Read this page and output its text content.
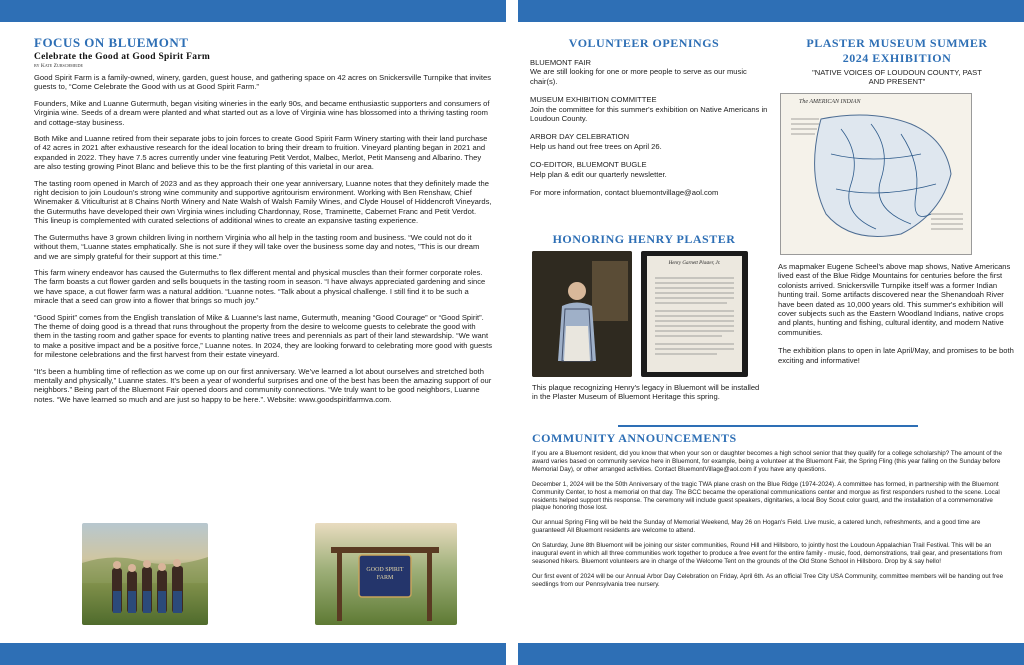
FOCUS ON BLUEMONT
Celebrate the Good at Good Spirit Farm
by Kate Zurschmeide

Good Spirit Farm is a family-owned, winery, garden, guest house, and gathering space on 42 acres on Snickersville Turnpike that invites guests to, “Come Celebrate the Good with us at Good Spirit Farm.”

Founders, Mike and Luanne Gutermuth, began visiting wineries in the early 90s, and became enthusiastic supporters and consumers of Virginia wine. Seeds of a dream were planted and what started out as a love of Virginia wine has blossomed into a thriving tasting room and cottage-stay business.

Both Mike and Luanne retired from their separate jobs to join forces to create Good Spirit Farm Winery starting with their land purchase of 42 acres in 2021 after exhaustive research for the ideal location to bring their dream to fruition. Vineyard planting began in 2021 and expanded in 2022. They have 7.5 acres currently under vine featuring Petit Verdot, Malbec, Merlot, Petit Manseng and Albarino. They are also testing growing Pinot Blanc and believe this to be the first planting of this varietal in our area.

The tasting room opened in March of 2023 and as they approach their one year anniversary, Luanne notes that they definitely made the right decision to join Loudoun’s strong wine community and supportive agritourism environment. Working with Ben Renshaw, Chief Winemaker & Viticulturist at 8 Chains North Winery and Nate Walsh of Walsh Family Wines, and Clyde Housel of Hiddencroft Vineyards, the Gutermuths have developed their own Virginia wines including Chardonnay, Rose, Traminette, Cabernet Franc and Petit Verdot. This lineup is complemented with curated selections of additional wines to create an expansive tasting experience.

The Gutermuths have 3 grown children living in northern Virginia who all help in the tasting room and business. “We could not do it without them, “Luanne states emphatically. She is not sure if they will take over the business some day and notes, "This is our dream and we are simply grateful for their support at this time."

This farm winery endeavor has caused the Gutermuths to flex different mental and physical muscles than their former corporate roles. The farm boasts a cut flower garden and sells bouquets in the tasting room in season. “I have always appreciated gardening and since we have space, a cut flower farm was a natural addition. “Luanne notes. “Talk about a physical challenge. I still find it to be such a miracle that a seed can grow into a flower that brings so much joy.”

“Good Spirit” comes from the English translation of Mike & Luanne’s last name, Gutermuth, meaning “Good Courage” or “Good Spirit”. The theme of doing good is a thread that runs throughout the property from the desire to welcome guests to celebrate the good with them in the tasting room and gather space for events to planting native trees and perennials as part of their land stewardship. “We want to make a positive impact and be a positive force,” Luanne notes. In 2024, they are looking forward to celebrating more good with guests for milestone celebrations and the first harvest from their estate vineyard.

“It’s been a humbling time of reflection as we come up on our first anniversary. We’ve learned a lot about ourselves and stretched both mentally and physically,” Luanne states. It’s been a year of wonderful surprises and one of the best has been the amazing support of our neighbors.” Being part of the Bluemont Fair opened doors and community connections. “We truly want to be good neighbors, Luanne notes. “We have learned so much and are just so happy to be here.”. Website: www.goodspiritfarmva.com.

GOOD SPIRIT
FARM
VOLUNTEER OPENINGS

BLUEMONT FAIR

We are still looking for one or more people to serve as our music chair(s).

MUSEUM EXHIBITION COMMITTEE

Join the committee for this summer's exhibition on Native Americans in Loudoun County.

ARBOR DAY CELEBRATION

Help us hand out free trees on April 26.

CO-EDITOR, BLUEMONT BUGLE

Help plan & edit our quarterly newsletter.

For more information, contact bluemontvillage@aol.com

HONORING HENRY PLASTER
Henry Garnett Plaster, Jr.

This plaque recognizing Henry's legacy in Bluemont will be installed in the Plaster Museum of Bluemont Heritage this spring.

PLASTER MUSEUM SUMMER
2024 EXHIBITION
"NATIVE VOICES OF LOUDOUN COUNTY, PAST AND PRESENT"
The AMERICAN INDIAN

As mapmaker Eugene Scheel's above map shows, Native Americans lived east of the Blue Ridge Mountains for centuries before the first colonists arrived. Snickersville Turnpike itself was a former Indian hunting trail. Some artifacts discovered near the Shenandoah River have been dated as 10,000 years old. This summer's exhibition will cover subjects such as the Eastern Woodland Indians, native crops and plants, hunting and fishing, cultural identity, and modern Native communities.

The exhibition plans to open in late April/May, and promises to be both exciting and informative!

COMMUNITY ANNOUNCEMENTS

If you are a Bluemont resident, did you know that when your son or daughter becomes a high school senior that they qualify for a college scholarship? The amount of the award varies based on community service here in Bluemont, for example, being a volunteer at the Bluemont Fair, the Spring Fling (this year falling on the Sunday before Memorial Day), or other arranged activities. Contact BluemontVillage@aol.com if you have any questions.

December 1, 2024 will be the 50th Anniversary of the tragic TWA plane crash on the Blue Ridge (1974-2024). A committee has formed, in partnership with the Bluemont Community Center, to host a memorial on that day. The BCC became the operational communications center and morgue as first responders rushed to the scene. Local residents helped support this response. The ceremony will include guest speakers, dignitaries, a local Boy Scout color guard, and the installation of a commemorative plaque honoring those lost.

Our annual Spring Fling will be held the Sunday of Memorial Weekend, May 26 on Hogan's Field. Live music, a catered lunch, refreshments, and a good time are guaranteed! All Bluemont residents are welcome to attend.

On Saturday, June 8th Bluemont will be joining our sister communities, Round Hill and Hillsboro, to jointly host the Loudoun Appalachian Trail Festival. This will be an inaugural event in which all three communities work together to produce a free event for the entire family - music, food, demonstrations, trail gear, and presentations from seasoned hikers. Bluemont volunteers are in charge of the Welcome Tent on the grounds of the Old Stone School in Hillsboro. Drop by & say hello!

Our first event of 2024 will be our Annual Arbor Day Celebration on Friday, April 6th. As an official Tree City USA Community, committee members will be handing out free seedlings from our Pennsylvania tree nursery.
